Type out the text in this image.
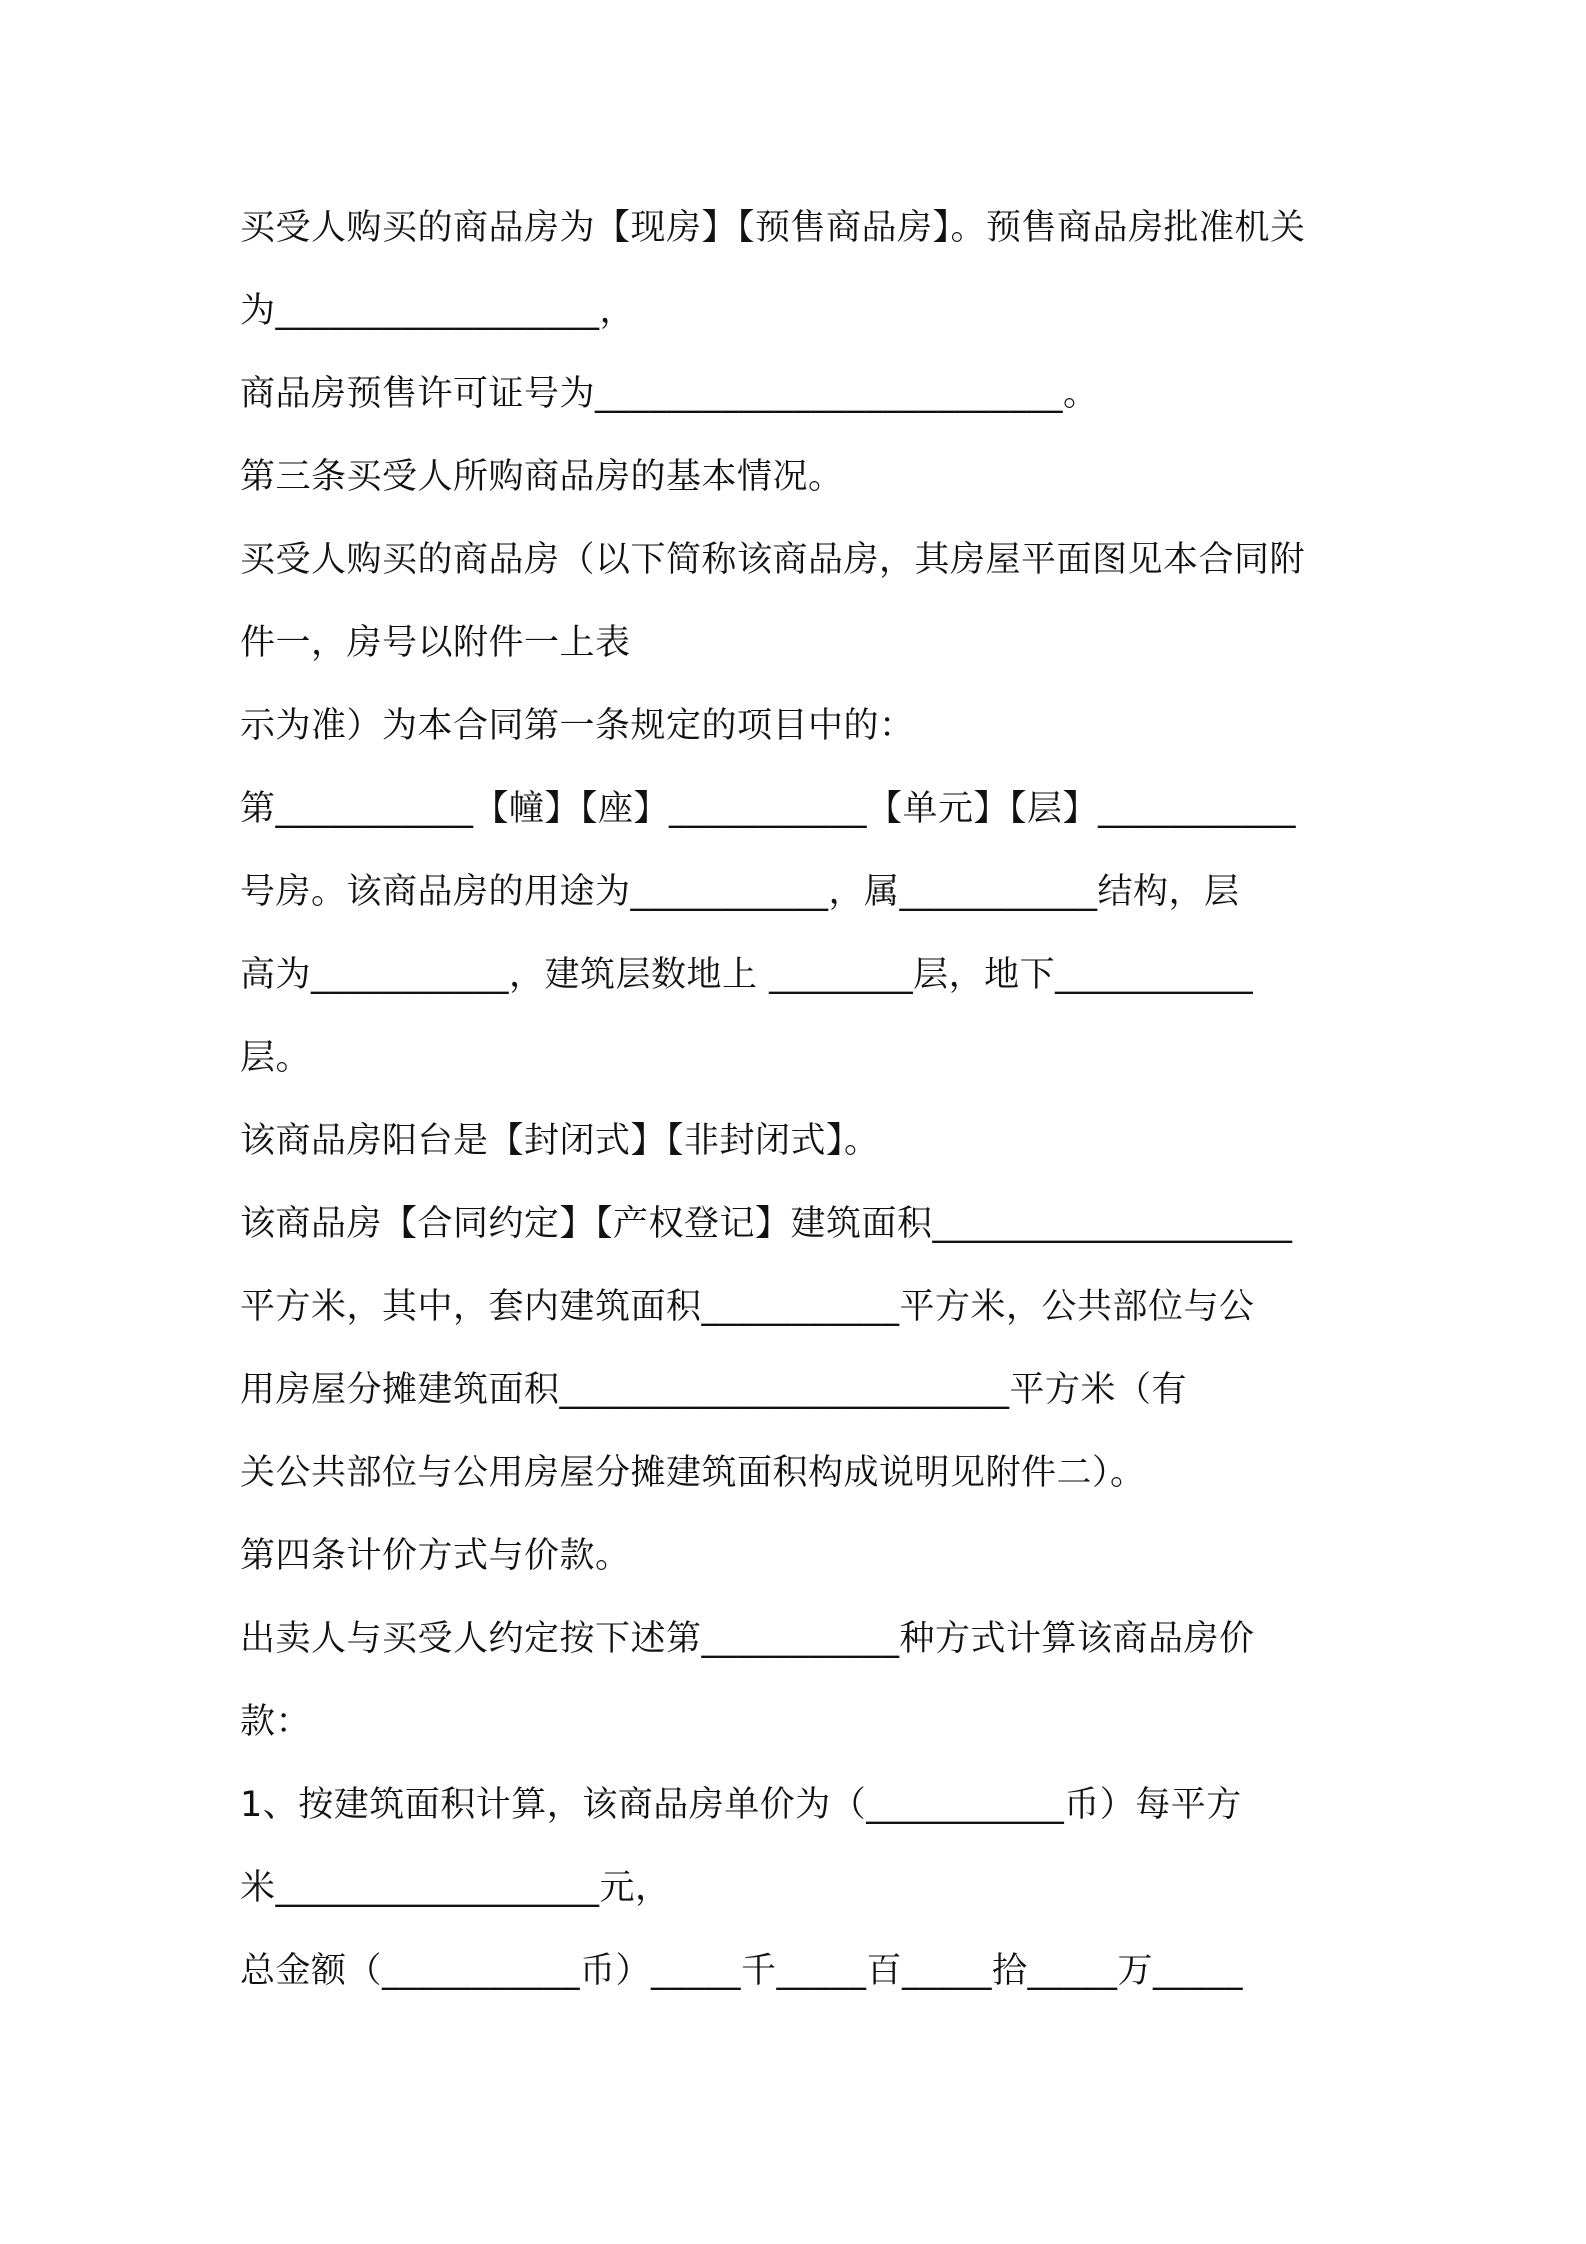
买受人购买的商品房为【现房】【预售商品房】。预售商品房批准机关
为__________________，
商品房预售许可证号为__________________________。
第三条买受人所购商品房的基本情况。
买受人购买的商品房（以下简称该商品房，其房屋平面图见本合同附
件一，房号以附件一上表
示为准）为本合同第一条规定的项目中的：
第___________【幢】【座】___________【单元】【层】___________
号房。该商品房的用途为___________，属___________结构，层
高为___________，建筑层数地上 ________层，地下___________
层。
该商品房阳台是【封闭式】【非封闭式】。
该商品房【合同约定】【产权登记】建筑面积____________________
平方米，其中，套内建筑面积___________平方米，公共部位与公
用房屋分摊建筑面积_________________________平方米（有
关公共部位与公用房屋分摊建筑面积构成说明见附件二）。
第四条计价方式与价款。
出卖人与买受人约定按下述第___________种方式计算该商品房价
款：
1、按建筑面积计算，该商品房单价为（___________币）每平方
米__________________元，
总金额（___________币）_____千_____百_____拾_____万_____
